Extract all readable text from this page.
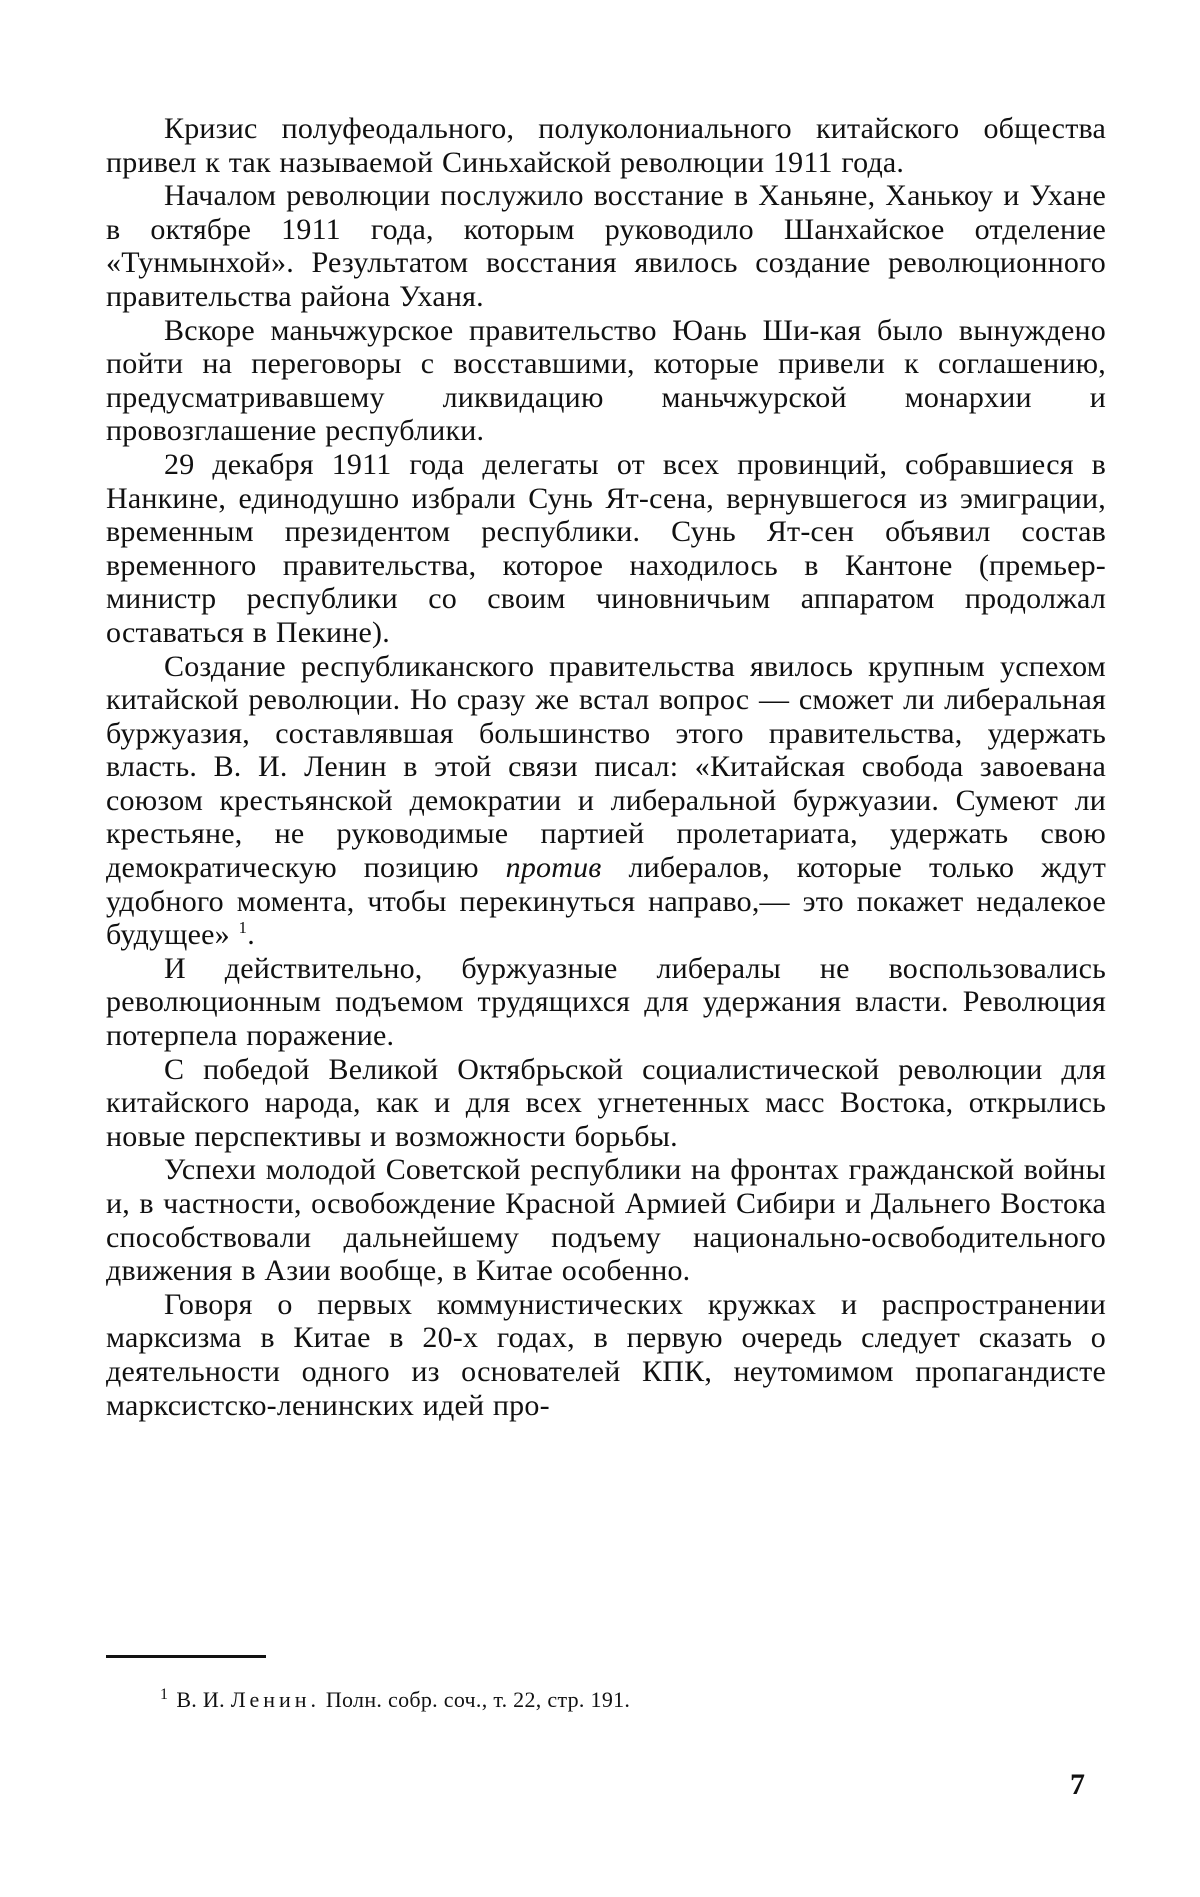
Кризис полуфеодального, полуколониального китайского общества привел к так называемой Синьхайской революции 1911 года.

Началом революции послужило восстание в Ханьяне, Ханькоу и Ухане в октябре 1911 года, которым руководило Шанхайское отделение «Тунмынхой». Результатом восстания явилось создание революционного правительства района Уханя.

Вскоре маньчжурское правительство Юань Ши-кая было вынуждено пойти на переговоры с восставшими, которые привели к соглашению, предусматривавшему ликвидацию маньчжурской монархии и провозглашение республики.

29 декабря 1911 года делегаты от всех провинций, собравшиеся в Нанкине, единодушно избрали Сунь Ят-сена, вернувшегося из эмиграции, временным президентом республики. Сунь Ят-сен объявил состав временного правительства, которое находилось в Кантоне (премьер-министр республики со своим чиновничьим аппаратом продолжал оставаться в Пекине).

Создание республиканского правительства явилось крупным успехом китайской революции. Но сразу же встал вопрос — сможет ли либеральная буржуазия, составлявшая большинство этого правительства, удержать власть. В. И. Ленин в этой связи писал: «Китайская свобода завоевана союзом крестьянской демократии и либеральной буржуазии. Сумеют ли крестьяне, не руководимые партией пролетариата, удержать свою демократическую позицию против либералов, которые только ждут удобного момента, чтобы перекинуться направо,— это покажет недалекое будущее» $^1$.

И действительно, буржуазные либералы не воспользовались революционным подъемом трудящихся для удержания власти. Революция потерпела поражение.

С победой Великой Октябрьской социалистической революции для китайского народа, как и для всех угнетенных масс Востока, открылись новые перспективы и возможности борьбы.

Успехи молодой Советской республики на фронтах гражданской войны и, в частности, освобождение Красной Армией Сибири и Дальнего Востока способствовали дальнейшему подъему национально-освободительного движения в Азии вообще, в Китае особенно.

Говоря о первых коммунистических кружках и распространении марксизма в Китае в 20-х годах, в первую очередь следует сказать о деятельности одного из основателей КПК, неутомимом пропагандисте марксистско-ленинских идей про-

$^1$ В. И. Ленин. Полн. собр. соч., т. 22, стр. 191.
7
